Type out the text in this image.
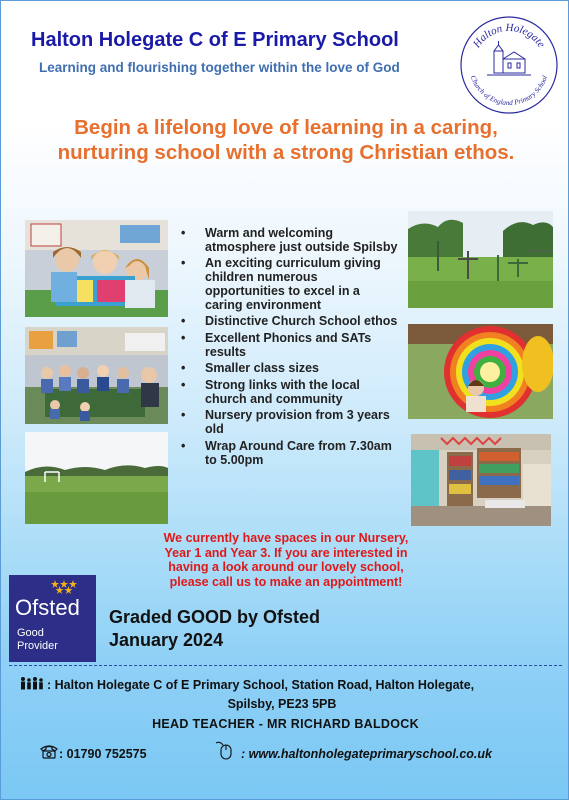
Halton Holegate C of E Primary School
Learning and flourishing together within the love of God
Halton Holegate
Church of England Primary School
Begin a lifelong love of learning in a caring,
nurturing school with a strong Christian ethos.
• Warm and welcoming atmosphere just outside Spilsby
• An exciting curriculum giving children numerous opportunities to excel in a caring environment
• Distinctive Church School ethos
• Excellent Phonics and SATs results
• Smaller class sizes
• Strong links with the local church and community
• Nursery provision from 3 years old
• Wrap Around Care from 7.30am to 5.00pm
We currently have spaces in our Nursery,
Year 1 and Year 3. If you are interested in
having a look around our lovely school,
please call us to make an appointment!
Ofsted
Good
Provider
Graded GOOD by Ofsted
January 2024
: Halton Holegate C of E Primary School, Station Road, Halton Holegate,
Spilsby, PE23 5PB
HEAD TEACHER - MR RICHARD BALDOCK
: 01790 752575	: www.haltonholegateprimaryschool.co.uk
